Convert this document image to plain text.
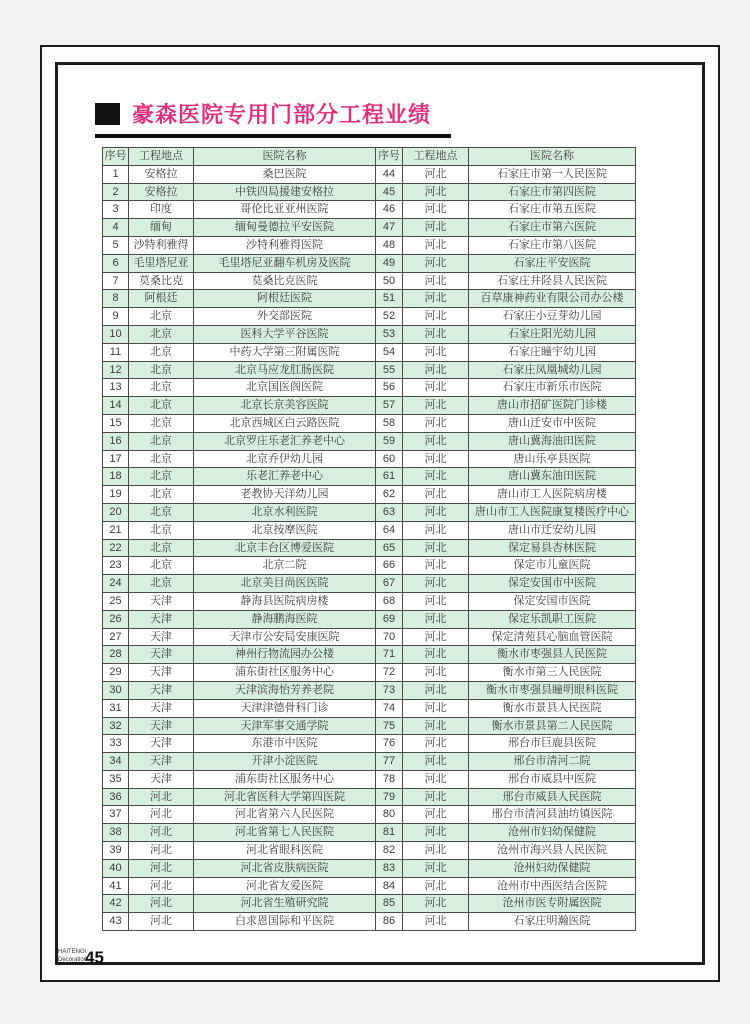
豪森医院专用门部分工程业绩
序号	工程地点	医院名称	序号	工程地点	医院名称
1	安格拉	桑巴医院	44	河北	石家庄市第一人民医院
2	安格拉	中铁四局援建安格拉	45	河北	石家庄市第四医院
3	印度	哥伦比亚亚州医院	46	河北	石家庄市第五医院
4	缅甸	缅甸曼德拉平安医院	47	河北	石家庄市第六医院
5	沙特利雅得	沙特利雅得医院	48	河北	石家庄市第八医院
6	毛里塔尼亚	毛里塔尼亚翻车机房及医院	49	河北	石家庄平安医院
7	莫桑比克	莫桑比克医院	50	河北	石家庄井陉县人民医院
8	阿根廷	阿根廷医院	51	河北	百草康神药业有限公司办公楼
9	北京	外交部医院	52	河北	石家庄小豆芽幼儿园
10	北京	医科大学平谷医院	53	河北	石家庄阳光幼儿园
11	北京	中药大学第三附属医院	54	河北	石家庄瞳宇幼儿园
12	北京	北京马应龙肛肠医院	55	河北	石家庄凤凰城幼儿园
13	北京	北京国医阁医院	56	河北	石家庄市新乐市医院
14	北京	北京长京美容医院	57	河北	唐山市招矿医院门诊楼
15	北京	北京西城区白云路医院	58	河北	唐山迁安市中医院
16	北京	北京罗庄乐老汇养老中心	59	河北	唐山冀海油田医院
17	北京	北京乔伊幼儿园	60	河北	唐山乐亭县医院
18	北京	乐老汇养老中心	61	河北	唐山冀东油田医院
19	北京	老教协天洋幼儿园	62	河北	唐山市工人医院病房楼
20	北京	北京水利医院	63	河北	唐山市工人医院康复楼医疗中心
21	北京	北京按摩医院	64	河北	唐山市迁安幼儿园
22	北京	北京丰台区博爱医院	65	河北	保定易县杏林医院
23	北京	北京二院	66	河北	保定市儿童医院
24	北京	北京美目尚医医院	67	河北	保定安国市中医院
25	天津	静海县医院病房楼	68	河北	保定安国市医院
26	天津	静海鹏海医院	69	河北	保定乐凯职工医院
27	天津	天津市公安局安康医院	70	河北	保定清苑县心脑血管医院
28	天津	神州行物流园办公楼	71	河北	衡水市枣强县人民医院
29	天津	浦东街社区服务中心	72	河北	衡水市第三人民医院
30	天津	天津滨海怡芳养老院	73	河北	衡水市枣强县瞳明眼科医院
31	天津	天津津德骨科门诊	74	河北	衡水市景县人民医院
32	天津	天津军事交通学院	75	河北	衡水市景县第二人民医院
33	天津	东港市中医院	76	河北	邢台市巨鹿县医院
34	天津	开津小淀医院	77	河北	邢台市清河二院
35	天津	浦东街社区服务中心	78	河北	邢台市威县中医院
36	河北	河北省医科大学第四医院	79	河北	邢台市威县人民医院
37	河北	河北省第六人民医院	80	河北	邢台市清河县油坊镇医院
38	河北	河北省第七人民医院	81	河北	沧州市妇幼保健院
39	河北	河北省眼科医院	82	河北	沧州市海兴县人民医院
40	河北	河北省皮肤病医院	83	河北	沧州妇幼保健院
41	河北	河北省友爱医院	84	河北	沧州市中西医结合医院
42	河北	河北省生殖研究院	85	河北	沧州市医专附属医院
43	河北	白求恩国际和平医院	86	河北	石家庄明瀚医院
HAITENG\
Decoration\
45
